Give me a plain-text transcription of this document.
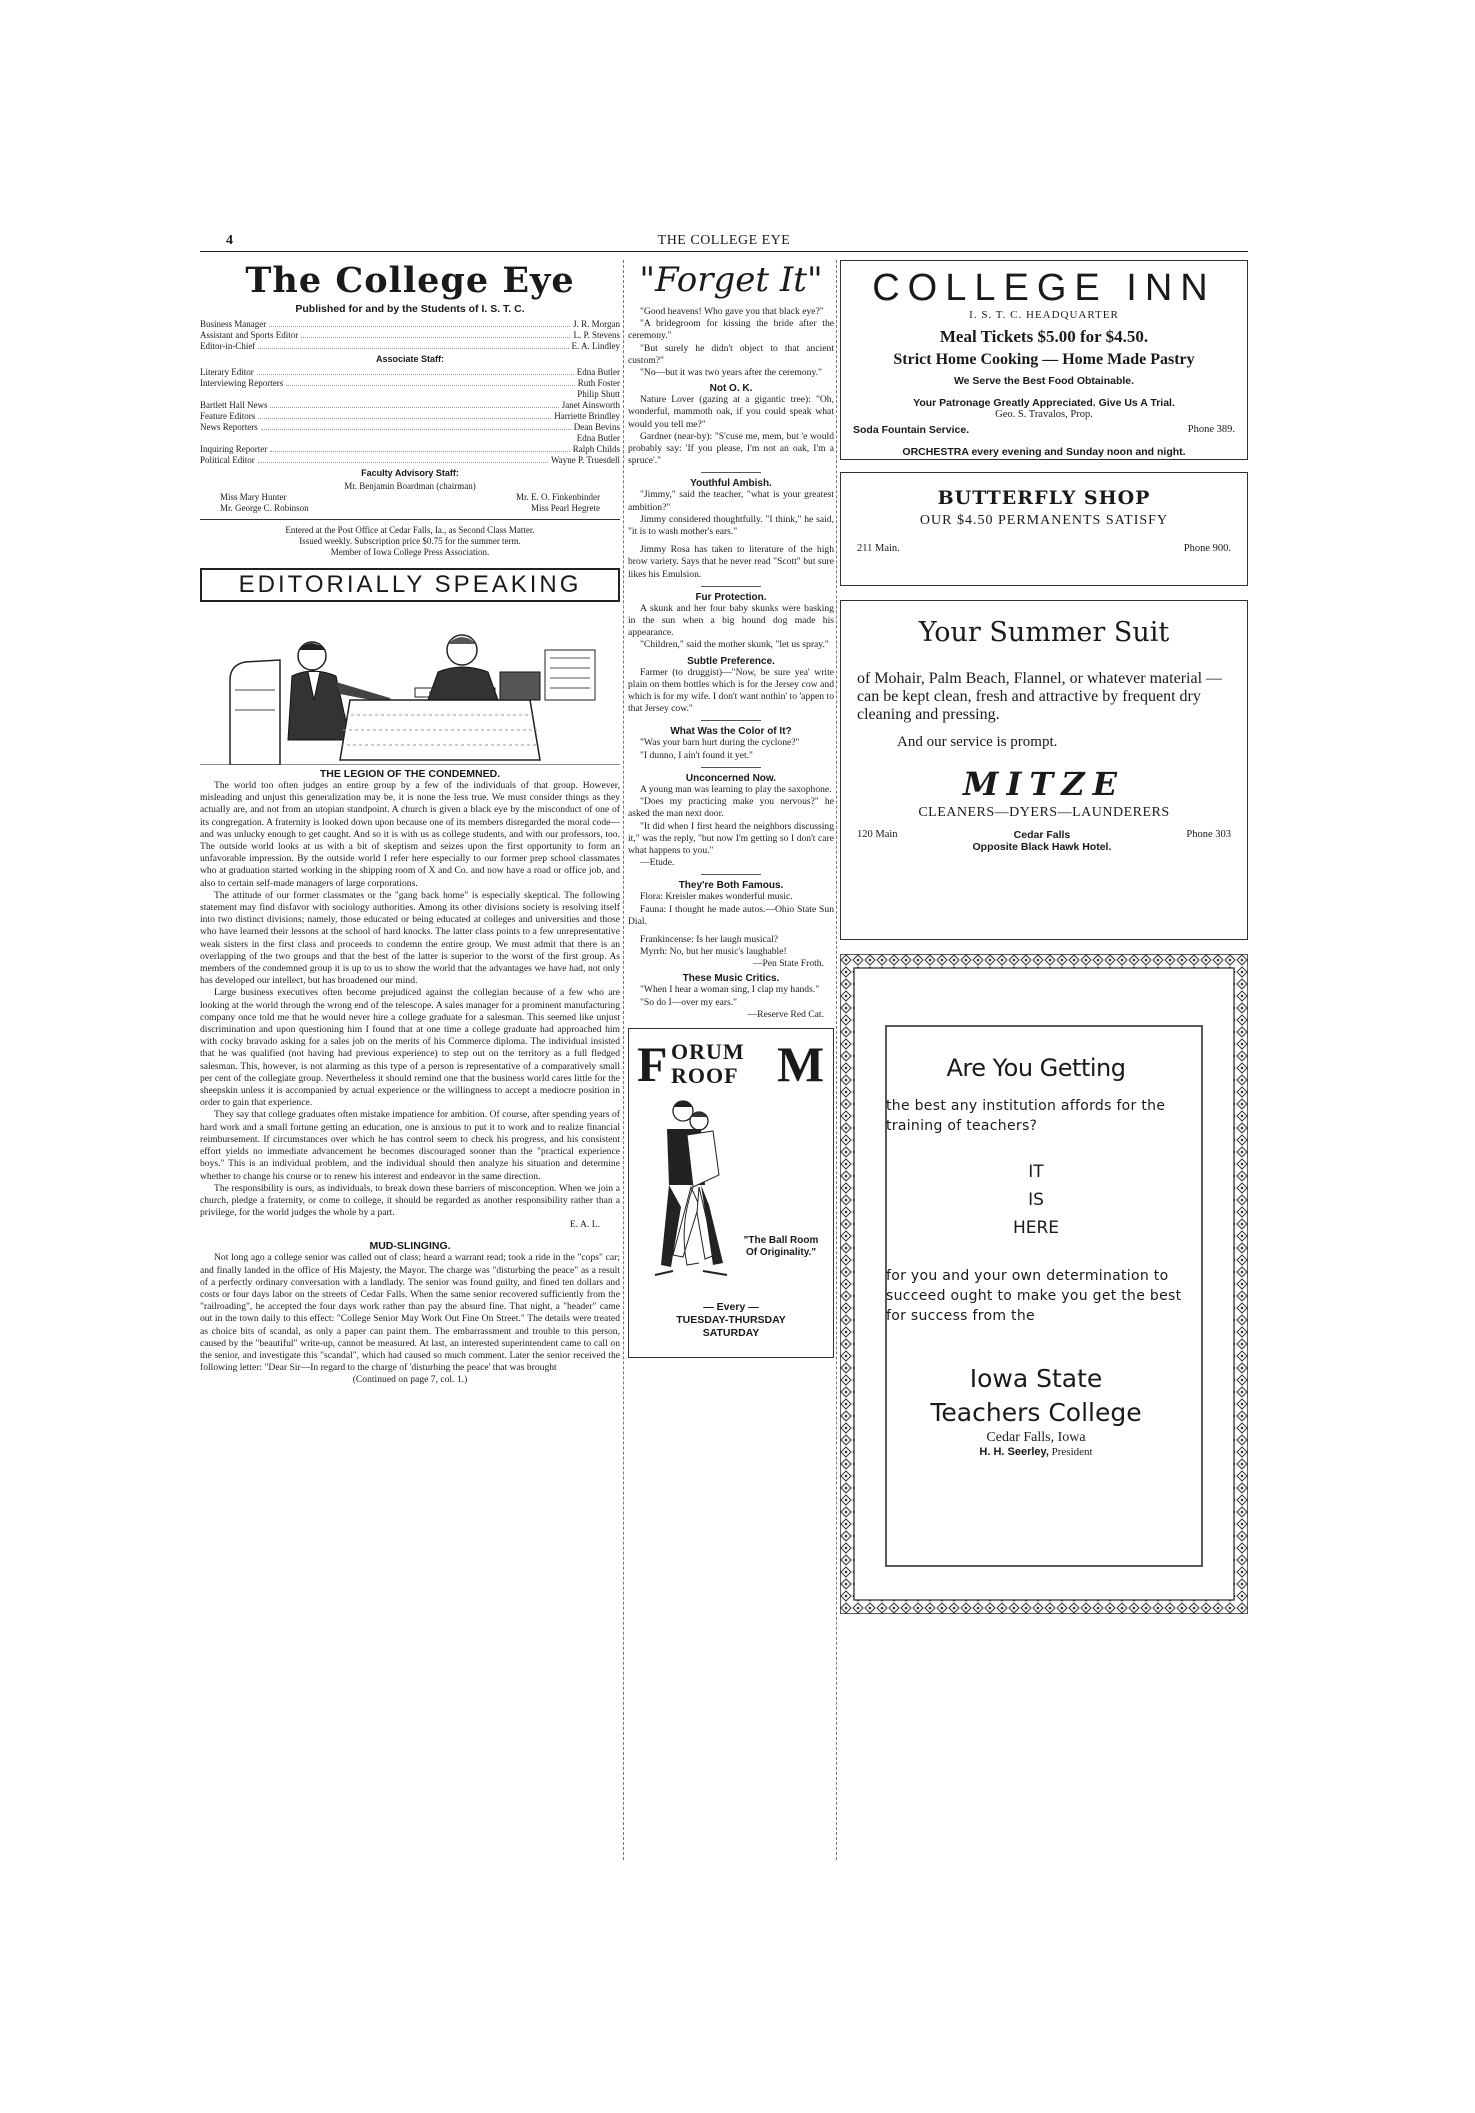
4	THE COLLEGE EYE
The College Eye
Published for and by the Students of I. S. T. C.
Business Manager	J. R. Morgan
Assistant and Sports Editor	L. P. Stevens
Editor-in-Chief	E. A. Lindley
Associate Staff:
Literary Editor	Edna Butler
Interviewing Reporters	Ruth Foster
Philip Shutt
Bartlett Hall News	Janet Ainsworth
Feature Editors	Harriette Brindley
News Reporters	Dean Bevins
Edna Butler
Inquiring Reporter	Ralph Childs
Political Editor	Wayne P. Truesdell
Faculty Advisory Staff:
Mr. Benjamin Boardman (chairman)
Miss Mary Hunter	Mr. E. O. Finkenbinder
Mr. George C. Robinson	Miss Pearl Hegrete
Entered at the Post Office at Cedar Falls, Ia., as Second Class Matter.
Issued weekly. Subscription price $0.75 for the summer term.
Member of Iowa College Press Association.
EDITORIALLY SPEAKING
THE LEGION OF THE CONDEMNED.

The world too often judges an entire group by a few of the individuals of that group. However, misleading and unjust this generalization may be, it is none the less true. We must consider things as they actually are, and not from an utopian standpoint. A church is given a black eye by the misconduct of one of its congregation. A fraternity is looked down upon because one of its members disregarded the moral code—and was unlucky enough to get caught. And so it is with us as college students, and with our professors, too. The outside world looks at us with a bit of skeptism and seizes upon the first opportunity to form an unfavorable impression. By the outside world I refer here especially to our former prep school classmates who at graduation started working in the shipping room of X and Co. and now have a road or office job, and also to certain self-made managers of large corporations.

The attitude of our former classmates or the "gang back home" is especially skeptical. The following statement may find disfavor with sociology authorities. Among its other divisions society is resolving itself into two distinct divisions; namely, those educated or being educated at colleges and universities and those who have learned their lessons at the school of hard knocks. The latter class points to a few unrepresentative weak sisters in the first class and proceeds to condemn the entire group. We must admit that there is an overlapping of the two groups and that the best of the latter is superior to the worst of the first group. As members of the condemned group it is up to us to show the world that the advantages we have had, not only has developed our intellect, but has broadened our mind.

Large business executives often become prejudiced against the collegian because of a few who are looking at the world through the wrong end of the telescope. A sales manager for a prominent manufacturing company once told me that he would never hire a college graduate for a salesman. This seemed like unjust discrimination and upon questioning him I found that at one time a college graduate had approached him with cocky bravado asking for a sales job on the merits of his Commerce diploma. The individual insisted that he was qualified (not having had previous experience) to step out on the territory as a full fledged salesman. This, however, is not alarming as this type of a person is representative of a comparatively small per cent of the collegiate group. Nevertheless it should remind one that the business world cares little for the sheepskin unless it is accompanied by actual experience or the willingness to accept a mediocre position in order to gain that experience.

They say that college graduates often mistake impatience for ambition. Of course, after spending years of hard work and a small fortune getting an education, one is anxious to put it to work and to realize financial reimbursement. If circumstances over which he has control seem to check his progress, and his consistent effort yields no immediate advancement he becomes discouraged sooner than the "practical experience boys." This is an individual problem, and the individual should then analyze his situation and determine whether to change his course or to renew his interest and endeavor in the same direction.

The responsibility is ours, as individuals, to break down these barriers of misconception. When we join a church, pledge a fraternity, or come to college, it should be regarded as another responsibility rather than a privilege, for the world judges the whole by a part.

E. A. L.
MUD-SLINGING.

Not long ago a college senior was called out of class; heard a warrant read; took a ride in the "cops" car; and finally landed in the office of His Majesty, the Mayor. The charge was "disturbing the peace" as a result of a perfectly ordinary conversation with a landlady. The senior was found guilty, and fined ten dollars and costs or four days labor on the streets of Cedar Falls. When the same senior recovered sufficiently from the "railroading", he accepted the four days work rather than pay the absurd fine. That night, a "header" came out in the town daily to this effect: "College Senior May Work Out Fine On Street." The details were treated as choice bits of scandal, as only a paper can paint them. The embarrassment and trouble to this person, caused by the "beautiful" write-up, cannot be measured. At last, an interested superintendent came to call on the senior, and investigate this "scandal", which had caused so much comment. Later the senior received the following letter: "Dear Sir—In regard to the charge of 'disturbing the peace' that was brought

(Continued on page 7, col. 1.)
"Forget It"

"Good heavens! Who gave you that black eye?"

"A bridegroom for kissing the bride after the ceremony."

"But surely he didn't object to that ancient custom?"

"No—but it was two years after the ceremony."

Not O. K.

Nature Lover (gazing at a gigantic tree): "Oh, wonderful, mammoth oak, if you could speak what would you tell me?"

Gardner (near-by): "S'cuse me, mem, but 'e would probably say: 'If you please, I'm not an oak, I'm a spruce'."

Youthful Ambish.

"Jimmy," said the teacher, "what is your greatest ambition?"

Jimmy considered thoughtfully. "I think," he said, "it is to wash mother's ears."

Jimmy Rosa has taken to literature of the high brow variety. Says that he never read "Scott" but sure likes his Emulsion.

Fur Protection.

A skunk and her four baby skunks were basking in the sun when a big hound dog made his appearance.

"Children," said the mother skunk, "let us spray."

Subtle Preference.

Farmer (to druggist)—"Now, be sure yea' write plain on them bottles which is for the Jersey cow and which is for my wife. I don't want nothin' to 'appen to that Jersey cow."

What Was the Color of It?

"Was your barn hurt during the cyclone?"

"I dunno, I ain't found it yet."

Unconcerned Now.

A young man was learning to play the saxophone.

"Does my practicing make you nervous?" he asked the man next door.

"It did when I first heard the neighbors discussing it," was the reply, "but now I'm getting so I don't care what happens to you."

—Etude.

They're Both Famous.

Flora: Kreisler makes wonderful music.

Fauna: I thought he made autos.—Ohio State Sun Dial.

Frankincense: Is her laugh musical?

Myrrh: No, but her music's laughable!

—Pen State Froth.
These Music Critics.

"When I hear a woman sing, I clap my hands."

"So do I—over my ears."

—Reserve Red Cat.
F ORUM
ROOF M
"The Ball Room Of Originality."
— Every —
TUESDAY-THURSDAY
SATURDAY
COLLEGE INN
I. S. T. C. HEADQUARTER
Meal Tickets $5.00 for $4.50.
Strict Home Cooking — Home Made Pastry
We Serve the Best Food Obtainable.
Your Patronage Greatly Appreciated. Give Us A Trial.
Geo. S. Travalos, Prop.
Soda Fountain Service.	Phone 389.
ORCHESTRA every evening and Sunday noon and night.
BUTTERFLY SHOP
OUR $4.50 PERMANENTS SATISFY
211 Main.	Phone 900.
Your Summer Suit
of Mohair, Palm Beach, Flannel, or whatever material — can be kept clean, fresh and attractive by frequent dry cleaning and pressing.
And our service is prompt.
MITZE
CLEANERS—DYERS—LAUNDERERS
120 Main	Cedar Falls
Opposite Black Hawk Hotel.
Phone 303
Are You Getting
the best any institution affords for the training of teachers?
IT
IS
HERE
for you and your own determination to succeed ought to make you get the best for success from the
Iowa State
Teachers College
Cedar Falls, Iowa
H. H. Seerley, President
